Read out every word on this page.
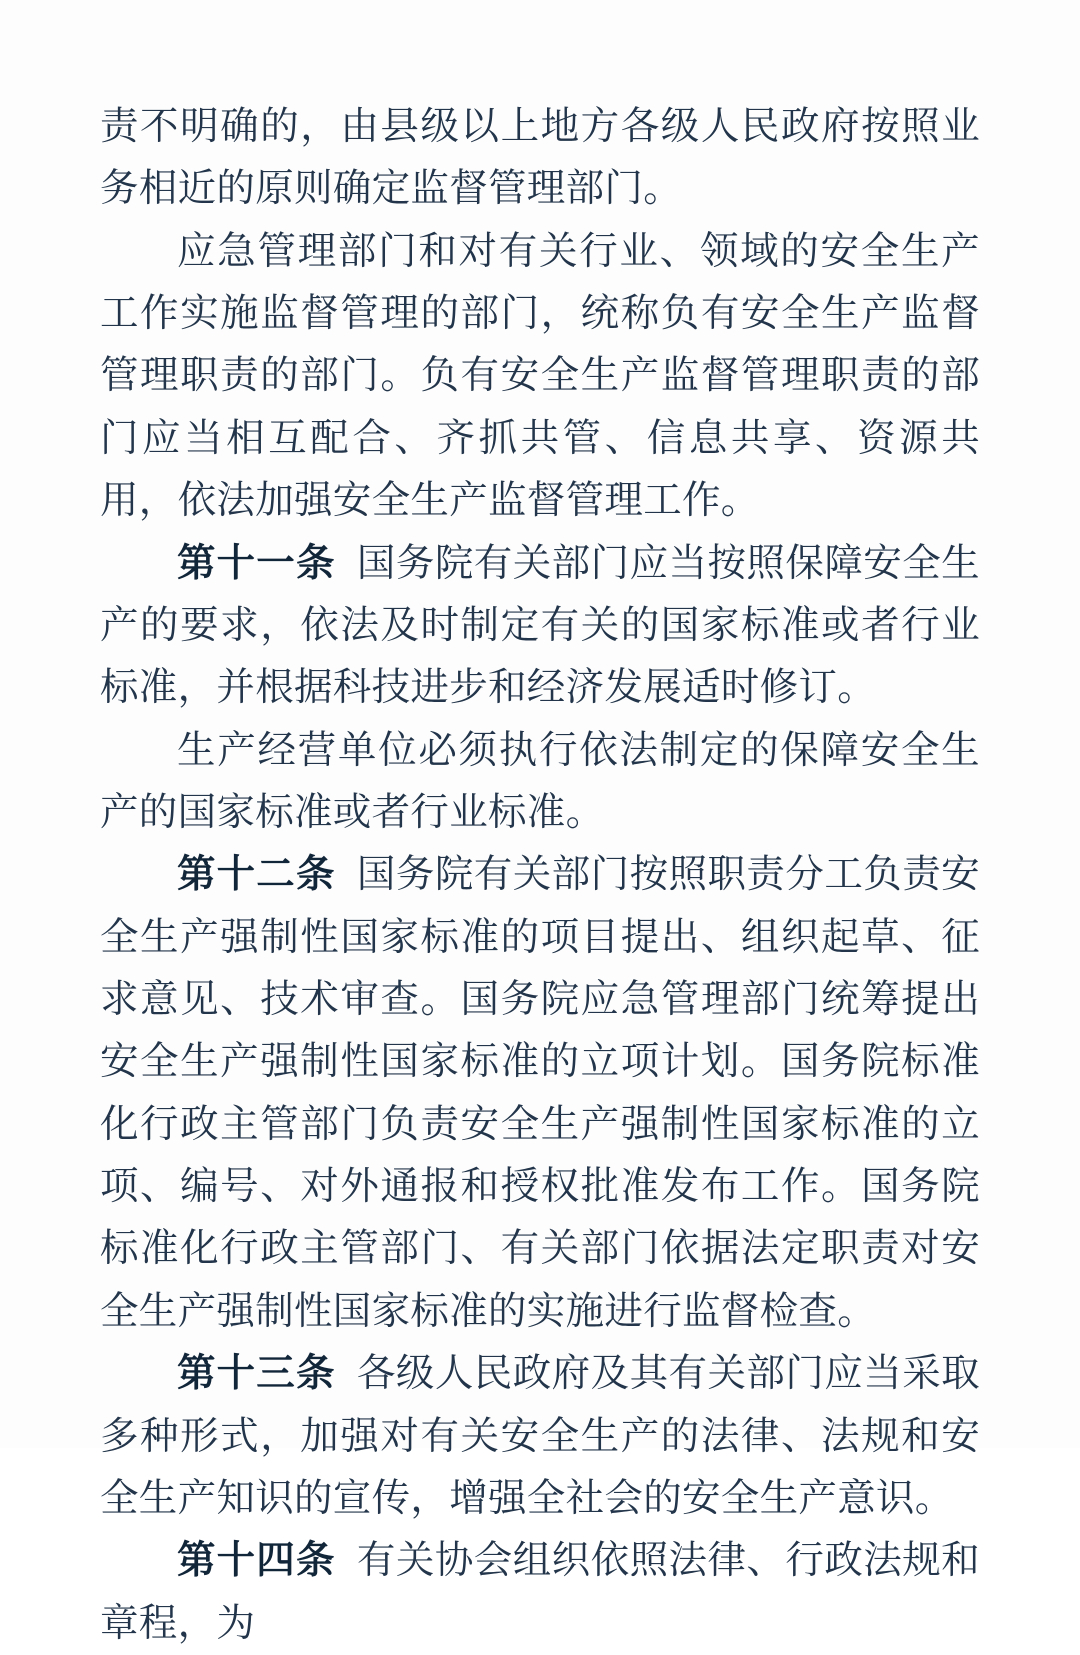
责不明确的，由县级以上地方各级人民政府按照业务相近的原则确定监督管理部门。

应急管理部门和对有关行业、领域的安全生产工作实施监督管理的部门，统称负有安全生产监督管理职责的部门。负有安全生产监督管理职责的部门应当相互配合、齐抓共管、信息共享、资源共用，依法加强安全生产监督管理工作。

第十一条 国务院有关部门应当按照保障安全生产的要求，依法及时制定有关的国家标准或者行业标准，并根据科技进步和经济发展适时修订。

生产经营单位必须执行依法制定的保障安全生产的国家标准或者行业标准。

第十二条 国务院有关部门按照职责分工负责安全生产强制性国家标准的项目提出、组织起草、征求意见、技术审查。国务院应急管理部门统筹提出安全生产强制性国家标准的立项计划。国务院标准化行政主管部门负责安全生产强制性国家标准的立项、编号、对外通报和授权批准发布工作。国务院标准化行政主管部门、有关部门依据法定职责对安全生产强制性国家标准的实施进行监督检查。

第十三条 各级人民政府及其有关部门应当采取多种形式，加强对有关安全生产的法律、法规和安全生产知识的宣传，增强全社会的安全生产意识。

第十四条 有关协会组织依照法律、行政法规和章程，为
